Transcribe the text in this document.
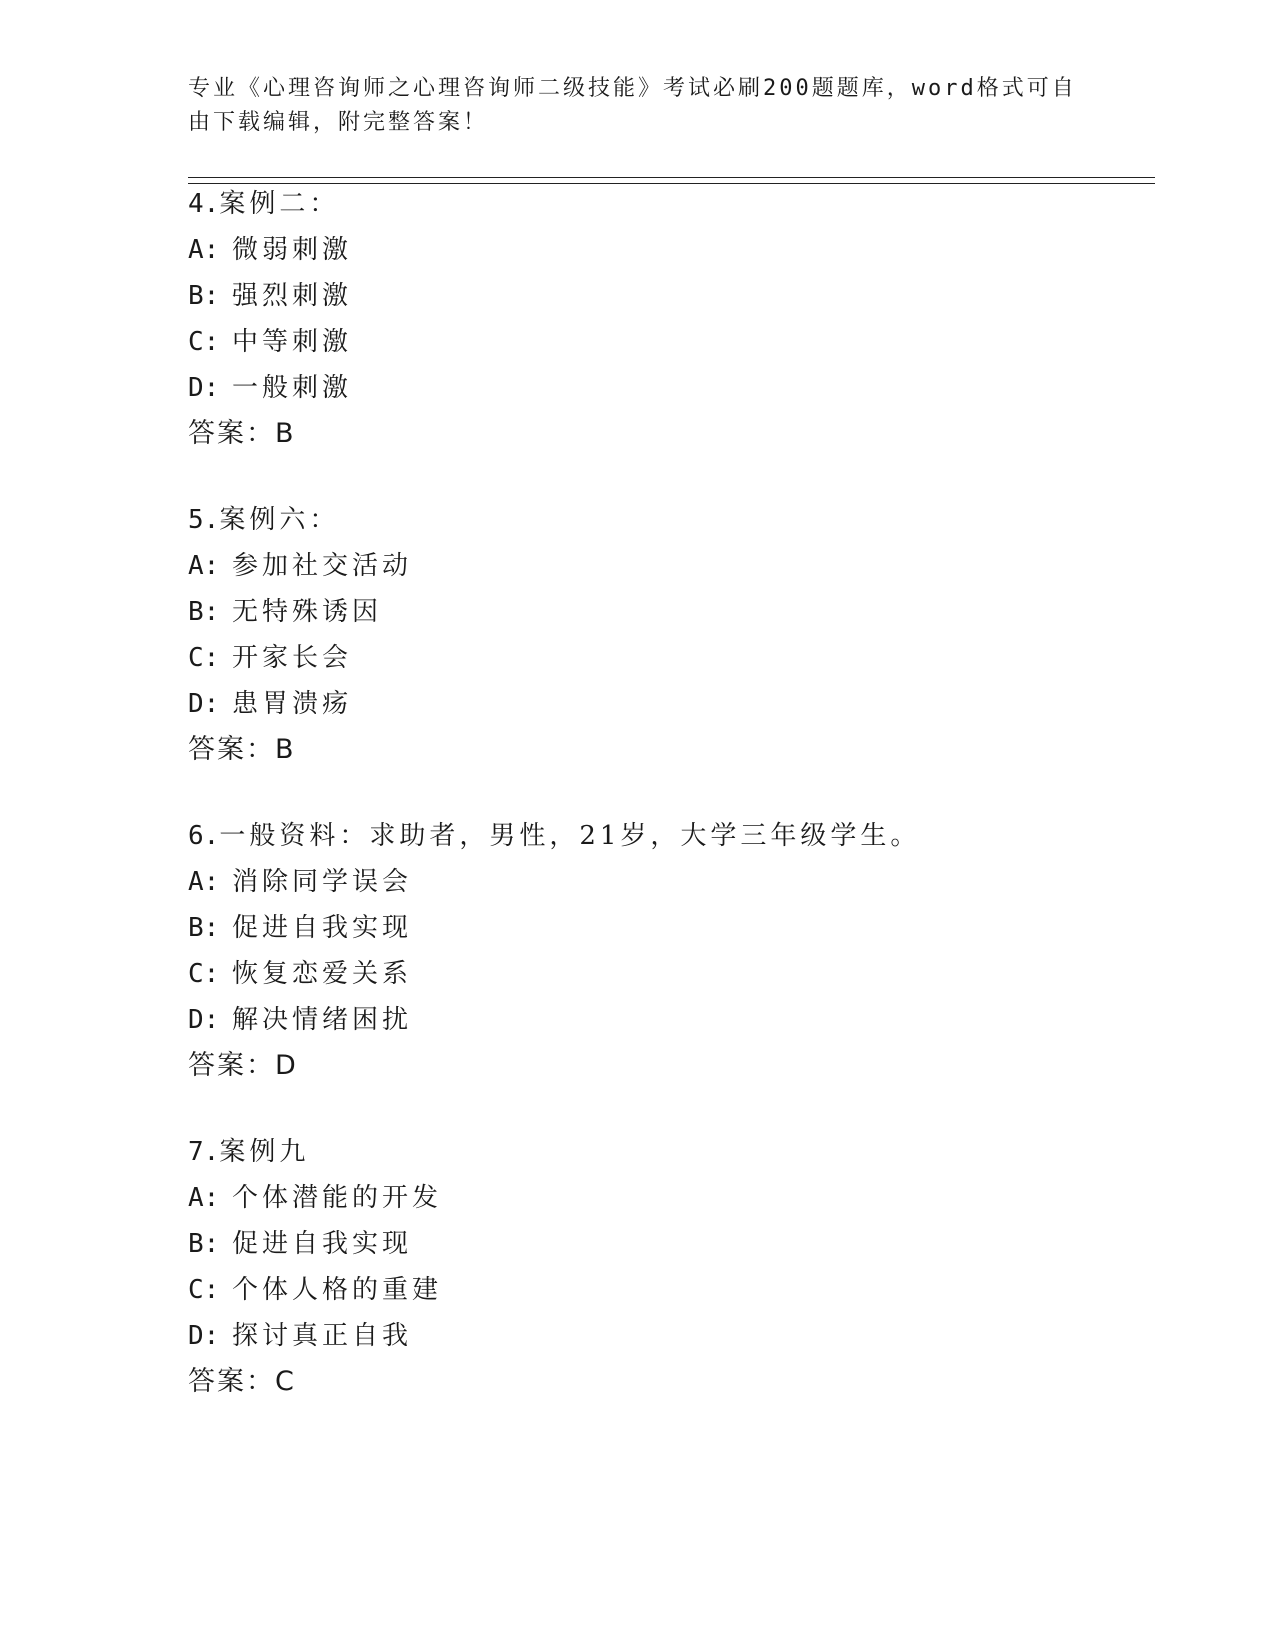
专业《心理咨询师之心理咨询师二级技能》考试必刷200题题库，word格式可自
由下载编辑，附完整答案！
4.案例二：
A: 微弱刺激
B: 强烈刺激
C: 中等刺激
D: 一般刺激
答案：B
5.案例六：
A: 参加社交活动
B: 无特殊诱因
C: 开家长会
D: 患胃溃疡
答案：B
6.一般资料：求助者，男性，21岁，大学三年级学生。
A: 消除同学误会
B: 促进自我实现
C: 恢复恋爱关系
D: 解决情绪困扰
答案：D
7.案例九
A: 个体潜能的开发
B: 促进自我实现
C: 个体人格的重建
D: 探讨真正自我
答案：C
